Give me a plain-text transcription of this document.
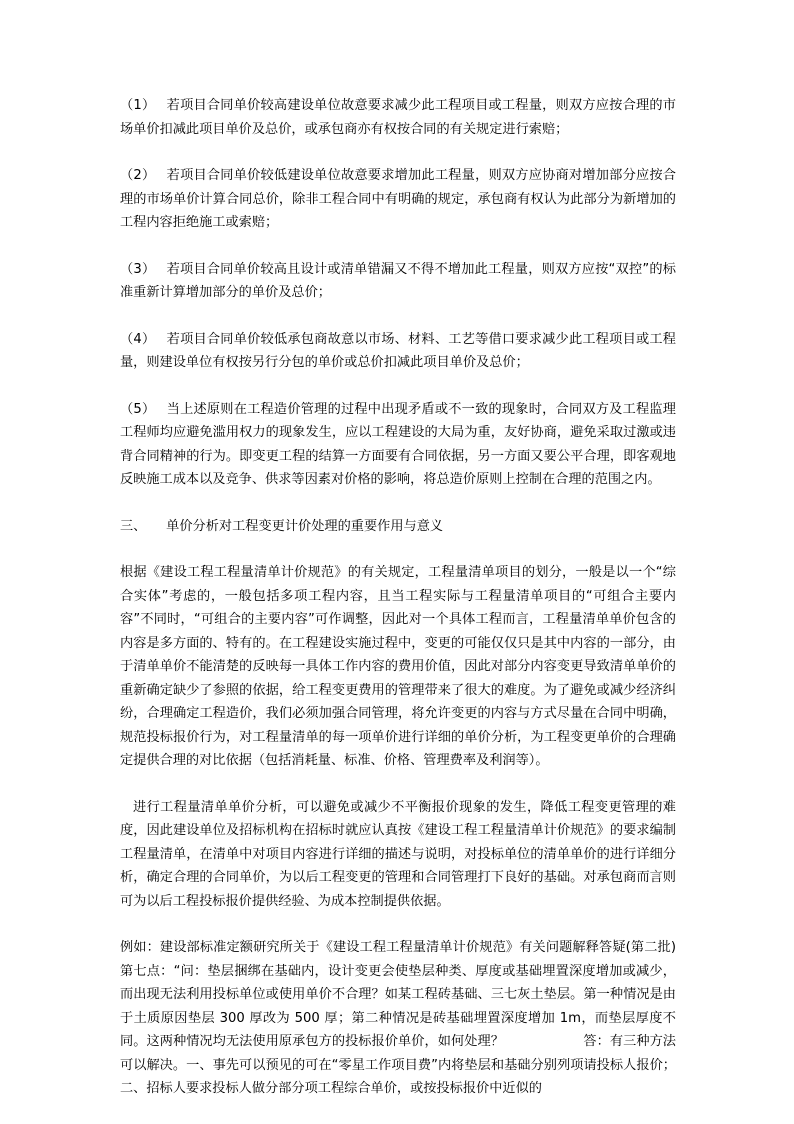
（1）　 若项目合同单价较高建设单位故意要求减少此工程项目或工程量，则双方应按合理的市场单价扣减此项目单价及总价，或承包商亦有权按合同的有关规定进行索赔；

（2）　 若项目合同单价较低建设单位故意要求增加此工程量，则双方应协商对增加部分应按合理的市场单价计算合同总价，除非工程合同中有明确的规定，承包商有权认为此部分为新增加的工程内容拒绝施工或索赔；

（3）　 若项目合同单价较高且设计或清单错漏又不得不增加此工程量，则双方应按“双控”的标准重新计算增加部分的单价及总价；

（4）　 若项目合同单价较低承包商故意以市场、材料、工艺等借口要求减少此工程项目或工程量，则建设单位有权按另行分包的单价或总价扣减此项目单价及总价；

（5）　 当上述原则在工程造价管理的过程中出现矛盾或不一致的现象时，合同双方及工程监理工程师均应避免滥用权力的现象发生，应以工程建设的大局为重，友好协商，避免采取过激或违背合同精神的行为。即变更工程的结算一方面要有合同依据，另一方面又要公平合理，即客观地反映施工成本以及竞争、供求等因素对价格的影响，将总造价原则上控制在合理的范围之内。

三、　　单价分析对工程变更计价处理的重要作用与意义

根据《建设工程工程量清单计价规范》的有关规定，工程量清单项目的划分，一般是以一个“综合实体”考虑的，一般包括多项工程内容，且当工程实际与工程量清单项目的“可组合主要内容”不同时，“可组合的主要内容”可作调整，因此对一个具体工程而言，工程量清单单价包含的内容是多方面的、特有的。在工程建设实施过程中，变更的可能仅仅只是其中内容的一部分，由于清单单价不能清楚的反映每一具体工作内容的费用价值，因此对部分内容变更导致清单单价的重新确定缺少了参照的依据，给工程变更费用的管理带来了很大的难度。为了避免或减少经济纠纷，合理确定工程造价，我们必须加强合同管理，将允许变更的内容与方式尽量在合同中明确，规范投标报价行为，对工程量清单的每一项单价进行详细的单价分析，为工程变更单价的合理确定提供合理的对比依据（包括消耗量、标准、价格、管理费率及利润等）。

进行工程量清单单价分析，可以避免或减少不平衡报价现象的发生，降低工程变更管理的难度，因此建设单位及招标机构在招标时就应认真按《建设工程工程量清单计价规范》的要求编制工程量清单，在清单中对项目内容进行详细的描述与说明，对投标单位的清单单价的进行详细分析，确定合理的合同单价，为以后工程变更的管理和合同管理打下良好的基础。对承包商而言则可为以后工程投标报价提供经验、为成本控制提供依据。

例如：建设部标准定额研究所关于《建设工程工程量清单计价规范》有关问题解释答疑(第二批)第七点：“问：垫层捆绑在基础内，设计变更会使垫层种类、厚度或基础埋置深度增加或减少，而出现无法利用投标单位或使用单价不合理？如某工程砖基础、三七灰土垫层。第一种情况是由于土质原因垫层 300 厚改为 500 厚；第二种情况是砖基础埋置深度增加 1m，而垫层厚度不同。这两种情况均无法使用原承包方的投标报价单价，如何处理？　　　　　　答：有三种方法可以解决。一、事先可以预见的可在“零星工作项目费”内将垫层和基础分别列项请投标人报价；二、招标人要求投标人做分部分项工程综合单价，或按投标报价中近似的
